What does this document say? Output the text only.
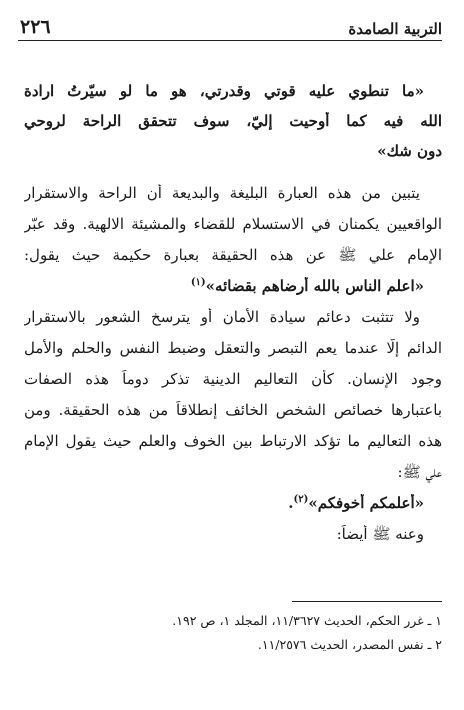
٢٢٦	التربية الصامدة
«ما تنطوي عليه قوتي وقدرتي، هو ما لو سيّرتُ ارادة
الله فيه كما أوحيت إليّ، سوف تتحقق الراحة لروحي
دون شك»
يتبين من هذه العبارة البليغة والبديعة أن الراحة والاستقرار
الواقعيين يكمنان في الاستسلام للقضاء والمشيئة الالهية. وقد عبّر
الإمام علي ﷺ عن هذه الحقيقة بعبارة حكيمة حيث يقول:
«اعلم الناس بالله أرضاهم بقضائه»$^{(١)}$
ولا تتثبت دعائم سيادة الأمان أو يترسخ الشعور بالاستقرار
الدائم إلّا عندما يعم التبصر والتعقل وضبط النفس والحلم والأمل
وجود الإنسان. كأن التعاليم الدينية تذكر دوماً هذه الصفات
باعتبارها خصائص الشخص الخائف إنطلاقاً من هذه الحقيقة. ومن
هذه التعاليم ما تؤكد الارتباط بين الخوف والعلم حيث يقول الإمام
علي ﷺ:
«أعلمكم أخوفكم»$^{(٢)}$.
وعنه ﷺ أيضاً:
١ ـ غرر الحكم، الحديث ١١/٣٦٢٧، المجلد ١، ص ١٩٢.
٢ ـ نفس المصدر، الحديث ١١/٢٥٧٦.
